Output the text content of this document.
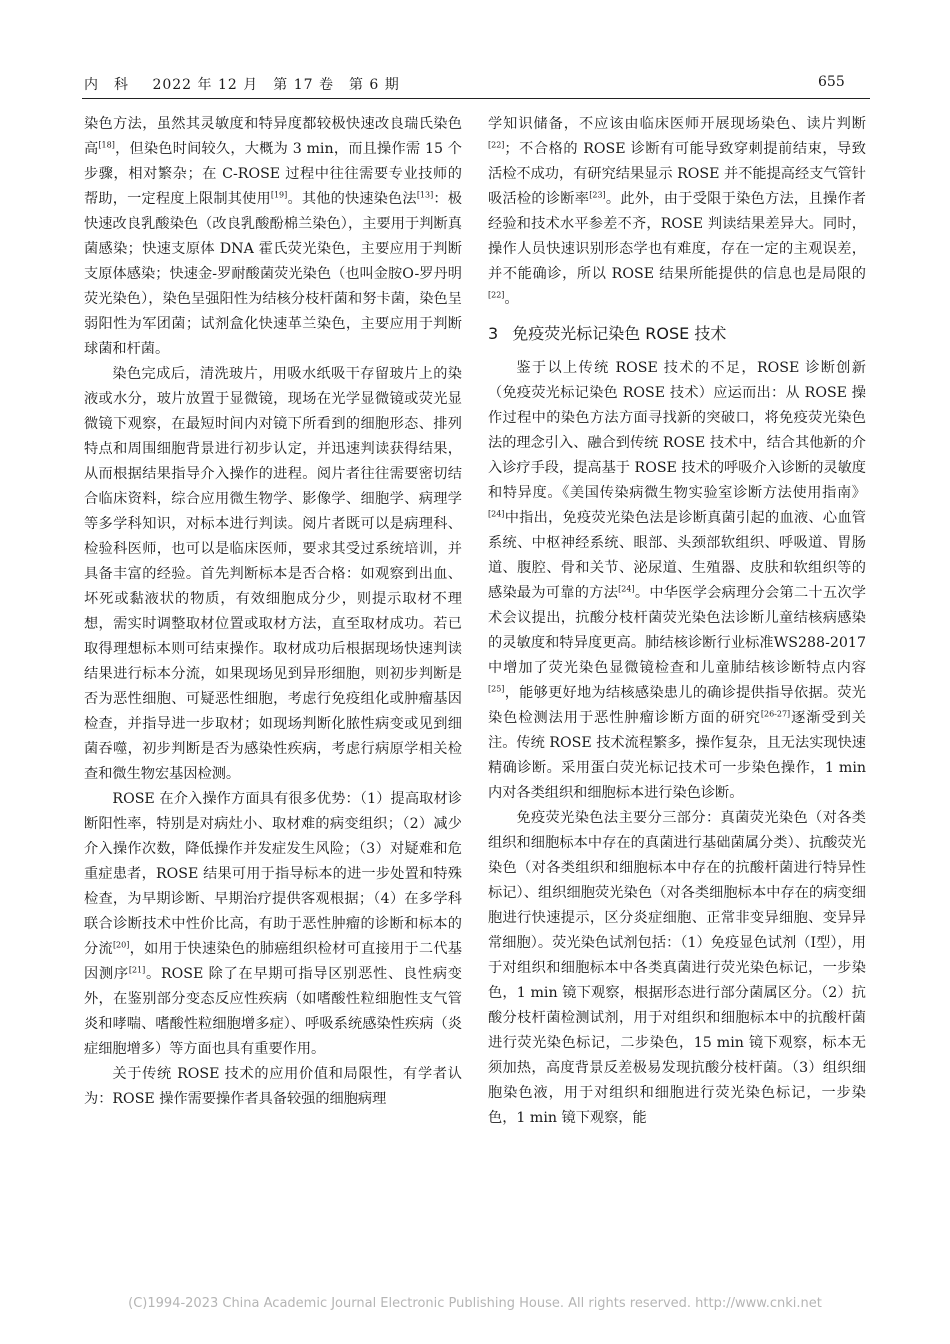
内　科 2022 年 12 月　第 17 卷　第 6 期	655

染色方法，虽然其灵敏度和特异度都较极快速改良瑞氏染色高[18]，但染色时间较久，大概为 3 min，而且操作需 15 个步骤，相对繁杂；在 C-ROSE 过程中往往需要专业技师的帮助，一定程度上限制其使用[19]。其他的快速染色法[13]：极快速改良乳酸染色（改良乳酸酚棉兰染色），主要用于判断真菌感染；快速支原体 DNA 霍氏荧光染色，主要应用于判断支原体感染；快速金-罗耐酸菌荧光染色（也叫金胺O-罗丹明荧光染色），染色呈强阳性为结核分枝杆菌和努卡菌，染色呈弱阳性为军团菌；试剂盒化快速革兰染色，主要应用于判断球菌和杆菌。

染色完成后，清洗玻片，用吸水纸吸干存留玻片上的染液或水分，玻片放置于显微镜，现场在光学显微镜或荧光显微镜下观察，在最短时间内对镜下所看到的细胞形态、排列特点和周围细胞背景进行初步认定，并迅速判读获得结果，从而根据结果指导介入操作的进程。阅片者往往需要密切结合临床资料，综合应用微生物学、影像学、细胞学、病理学等多学科知识，对标本进行判读。阅片者既可以是病理科、检验科医师，也可以是临床医师，要求其受过系统培训，并具备丰富的经验。首先判断标本是否合格：如观察到出血、坏死或黏液状的物质，有效细胞成分少，则提示取材不理想，需实时调整取材位置或取材方法，直至取材成功。若已取得理想标本则可结束操作。取材成功后根据现场快速判读结果进行标本分流，如果现场见到异形细胞，则初步判断是否为恶性细胞、可疑恶性细胞，考虑行免疫组化或肿瘤基因检查，并指导进一步取材；如现场判断化脓性病变或见到细菌吞噬，初步判断是否为感染性疾病，考虑行病原学相关检查和微生物宏基因检测。

ROSE 在介入操作方面具有很多优势：（1）提高取材诊断阳性率，特别是对病灶小、取材难的病变组织；（2）减少介入操作次数，降低操作并发症发生风险；（3）对疑难和危重症患者，ROSE 结果可用于指导标本的进一步处置和特殊检查，为早期诊断、早期治疗提供客观根据；（4）在多学科联合诊断技术中性价比高，有助于恶性肿瘤的诊断和标本的分流[20]，如用于快速染色的肺癌组织检材可直接用于二代基因测序[21]。ROSE 除了在早期可指导区别恶性、良性病变外，在鉴别部分变态反应性疾病（如嗜酸性粒细胞性支气管炎和哮喘、嗜酸性粒细胞增多症）、呼吸系统感染性疾病（炎症细胞增多）等方面也具有重要作用。

关于传统 ROSE 技术的应用价值和局限性，有学者认为：ROSE 操作需要操作者具备较强的细胞病理

学知识储备，不应该由临床医师开展现场染色、读片判断[22]；不合格的 ROSE 诊断有可能导致穿刺提前结束，导致活检不成功，有研究结果显示 ROSE 并不能提高经支气管针吸活检的诊断率[23]。此外，由于受限于染色方法，且操作者经验和技术水平参差不齐，ROSE 判读结果差异大。同时，操作人员快速识别形态学也有难度，存在一定的主观误差，并不能确诊，所以 ROSE 结果所能提供的信息也是局限的[22]。

3 免疫荧光标记染色 ROSE 技术

鉴于以上传统 ROSE 技术的不足，ROSE 诊断创新（免疫荧光标记染色 ROSE 技术）应运而出：从 ROSE 操作过程中的染色方法方面寻找新的突破口，将免疫荧光染色法的理念引入、融合到传统 ROSE 技术中，结合其他新的介入诊疗手段，提高基于 ROSE 技术的呼吸介入诊断的灵敏度和特异度。《美国传染病微生物实验室诊断方法使用指南》[24]中指出，免疫荧光染色法是诊断真菌引起的血液、心血管系统、中枢神经系统、眼部、头颈部软组织、呼吸道、胃肠道、腹腔、骨和关节、泌尿道、生殖器、皮肤和软组织等的感染最为可靠的方法[24]。中华医学会病理分会第二十五次学术会议提出，抗酸分枝杆菌荧光染色法诊断儿童结核病感染的灵敏度和特异度更高。肺结核诊断行业标准WS288-2017 中增加了荧光染色显微镜检查和儿童肺结核诊断特点内容[25]，能够更好地为结核感染患儿的确诊提供指导依据。荧光染色检测法用于恶性肿瘤诊断方面的研究[26-27]逐渐受到关注。传统 ROSE 技术流程繁多，操作复杂，且无法实现快速精确诊断。采用蛋白荧光标记技术可一步染色操作，1 min 内对各类组织和细胞标本进行染色诊断。

免疫荧光染色法主要分三部分：真菌荧光染色（对各类组织和细胞标本中存在的真菌进行基础菌属分类）、抗酸荧光染色（对各类组织和细胞标本中存在的抗酸杆菌进行特异性标记）、组织细胞荧光染色（对各类细胞标本中存在的病变细胞进行快速提示，区分炎症细胞、正常非变异细胞、变异异常细胞）。荧光染色试剂包括：（1）免疫显色试剂（Ⅰ型），用于对组织和细胞标本中各类真菌进行荧光染色标记，一步染色，1 min 镜下观察，根据形态进行部分菌属区分。（2）抗酸分枝杆菌检测试剂，用于对组织和细胞标本中的抗酸杆菌进行荧光染色标记，二步染色，15 min 镜下观察，标本无须加热，高度背景反差极易发现抗酸分枝杆菌。（3）组织细胞染色液，用于对组织和细胞进行荧光染色标记，一步染色，1 min 镜下观察，能

(C)1994-2023 China Academic Journal Electronic Publishing House. All rights reserved. http://www.cnki.net
